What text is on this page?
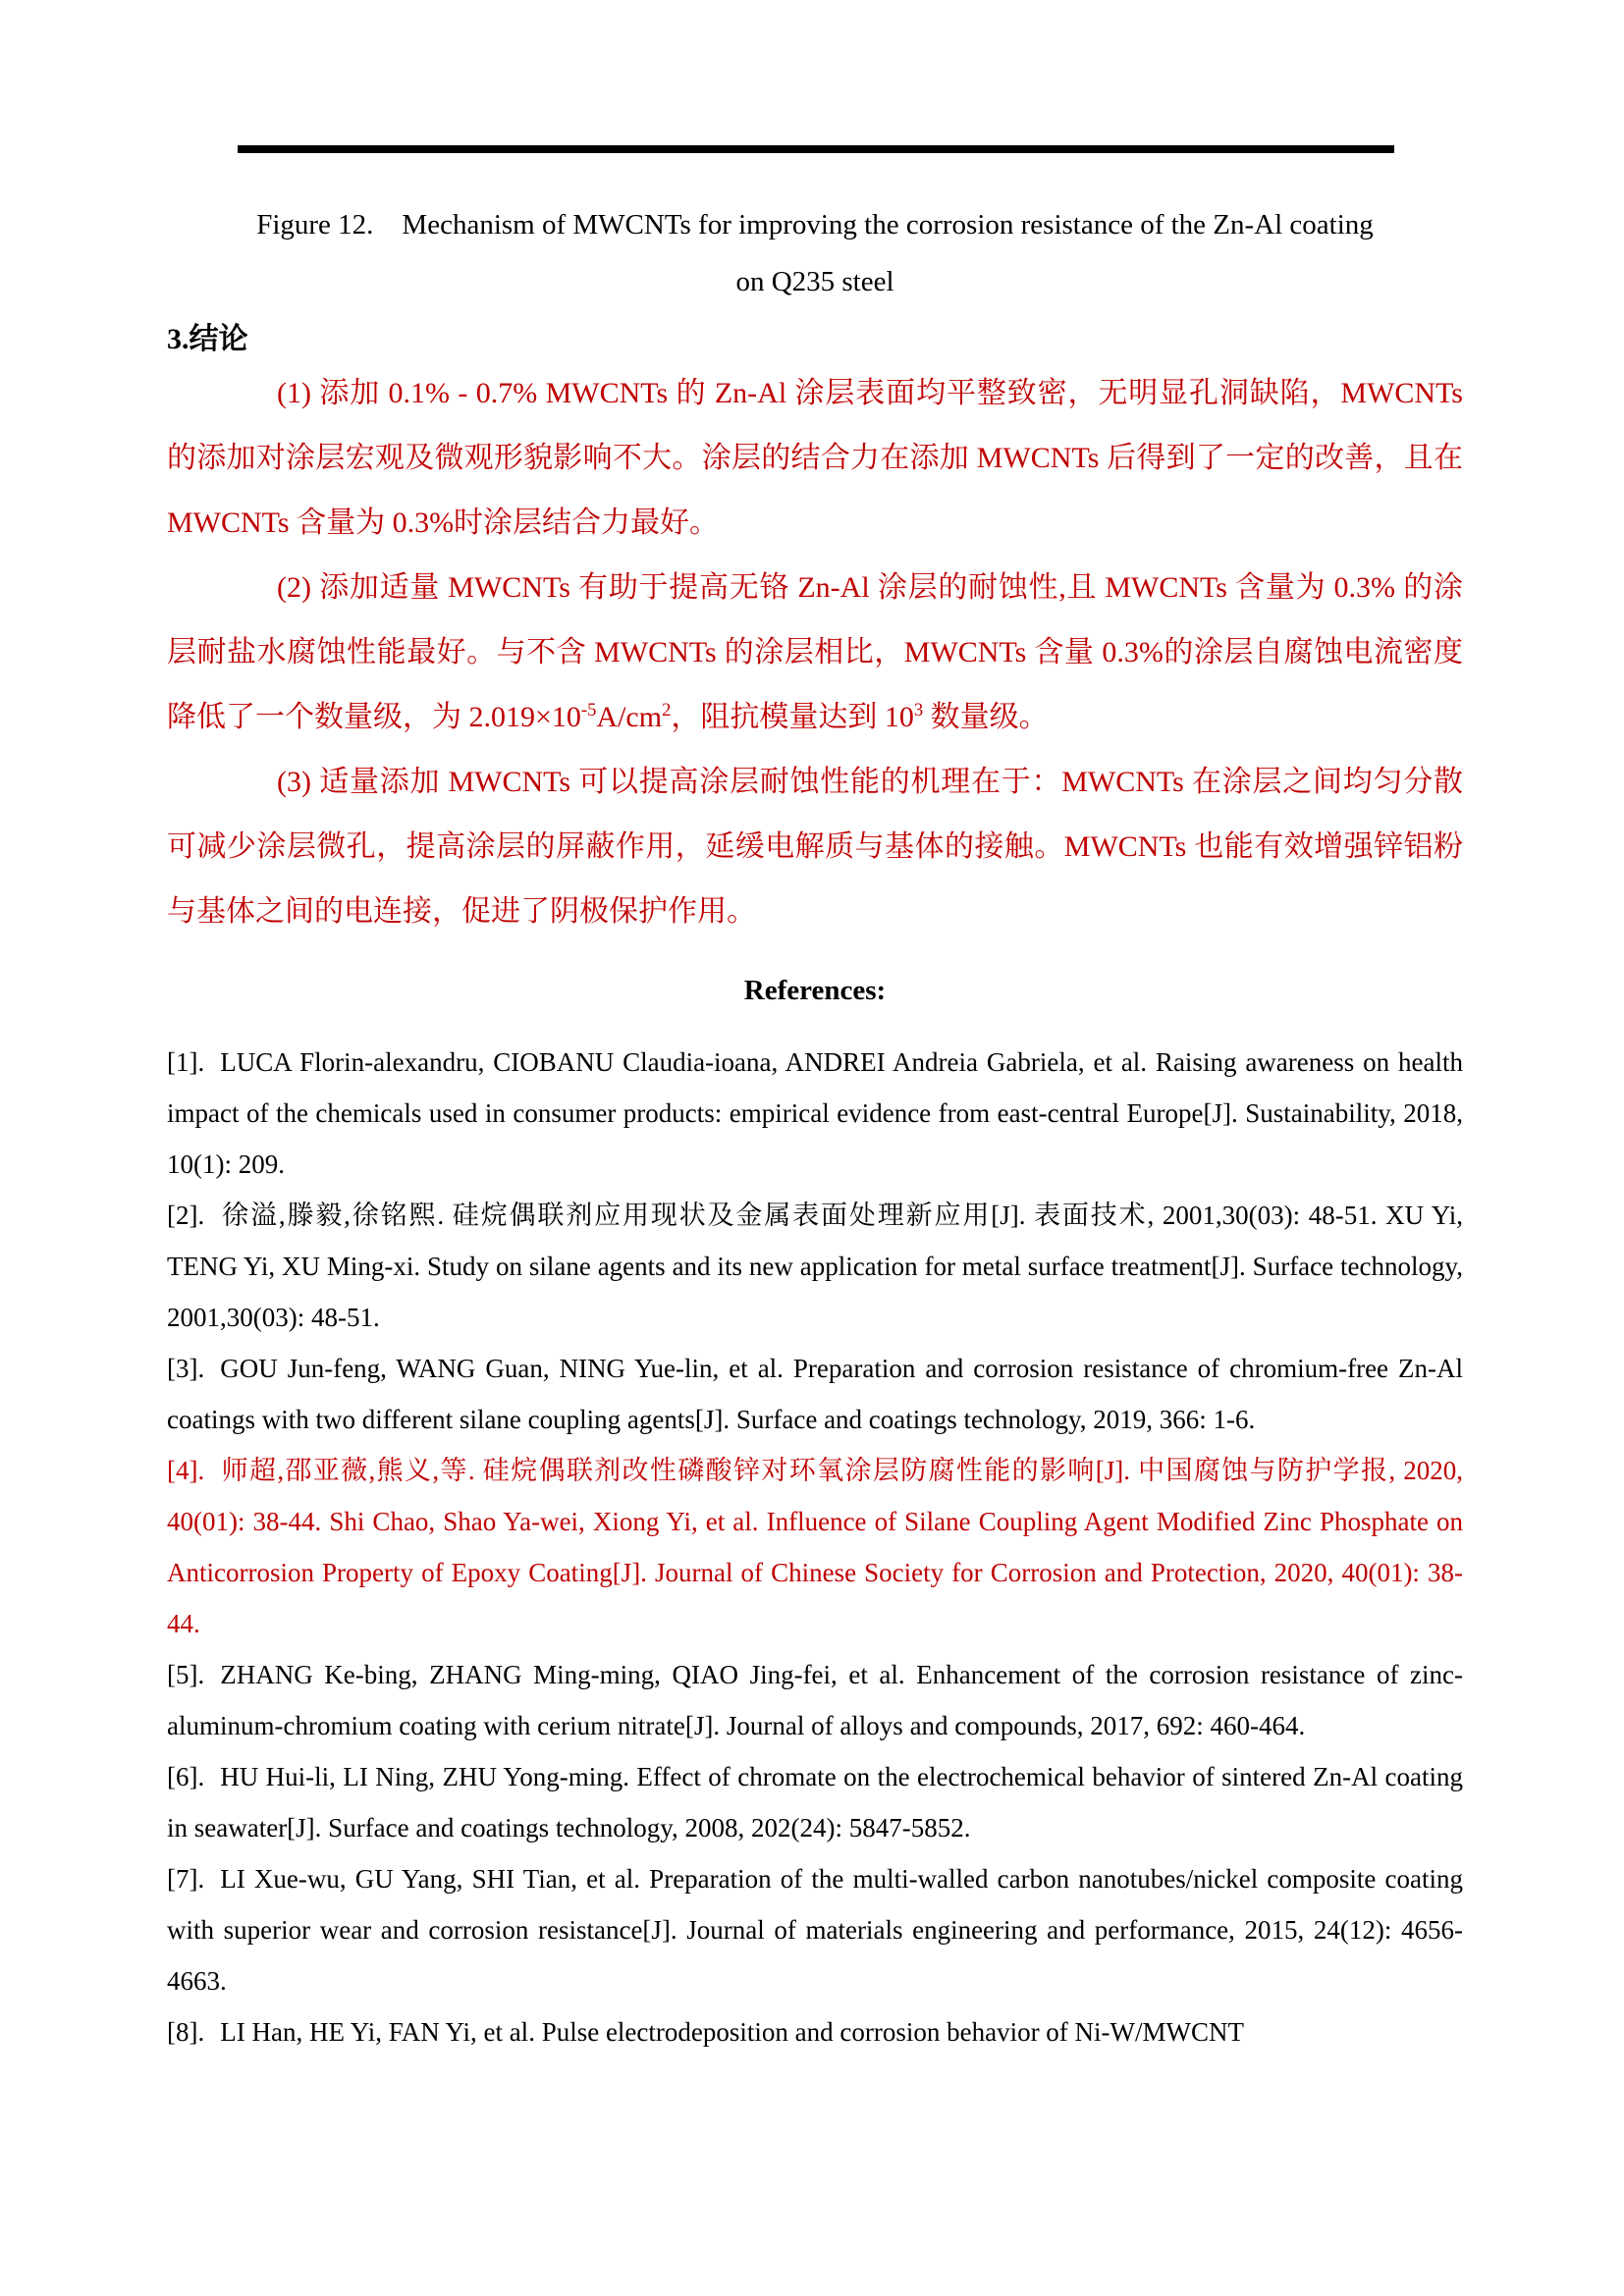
Figure 12. Mechanism of MWCNTs for improving the corrosion resistance of the Zn-Al coating
on Q235 steel
3.结论

(1) 添加 0.1% - 0.7% MWCNTs 的 Zn-Al 涂层表面均平整致密，无明显孔洞缺陷，MWCNTs 的添加对涂层宏观及微观形貌影响不大。涂层的结合力在添加 MWCNTs 后得到了一定的改善，且在 MWCNTs 含量为 0.3%时涂层结合力最好。

(2) 添加适量 MWCNTs 有助于提高无铬 Zn-Al 涂层的耐蚀性,且 MWCNTs 含量为 0.3% 的涂层耐盐水腐蚀性能最好。与不含 MWCNTs 的涂层相比，MWCNTs 含量 0.3%的涂层自腐蚀电流密度降低了一个数量级，为 $2.019\times 10^{-5}A/cm^2$，阻抗模量达到 $10^3$ 数量级。

(3) 适量添加 MWCNTs 可以提高涂层耐蚀性能的机理在于：MWCNTs 在涂层之间均匀分散可减少涂层微孔，提高涂层的屏蔽作用，延缓电解质与基体的接触。MWCNTs 也能有效增强锌铝粉与基体之间的电连接，促进了阴极保护作用。

References:

[1]. LUCA Florin-alexandru, CIOBANU Claudia-ioana, ANDREI Andreia Gabriela, et al. Raising awareness on health impact of the chemicals used in consumer products: empirical evidence from east-central Europe[J]. Sustainability, 2018, 10(1): 209.

[2]. 徐溢,滕毅,徐铭熙. 硅烷偶联剂应用现状及金属表面处理新应用[J]. 表面技术, 2001,30(03): 48-51. XU Yi, TENG Yi, XU Ming-xi. Study on silane agents and its new application for metal surface treatment[J]. Surface technology, 2001,30(03): 48-51.

[3]. GOU Jun-feng, WANG Guan, NING Yue-lin, et al. Preparation and corrosion resistance of chromium-free Zn-Al coatings with two different silane coupling agents[J]. Surface and coatings technology, 2019, 366: 1-6.

[4]. 师超,邵亚薇,熊义,等. 硅烷偶联剂改性磷酸锌对环氧涂层防腐性能的影响[J]. 中国腐蚀与防护学报, 2020, 40(01): 38-44. Shi Chao, Shao Ya-wei, Xiong Yi, et al. Influence of Silane Coupling Agent Modified Zinc Phosphate on Anticorrosion Property of Epoxy Coating[J]. Journal of Chinese Society for Corrosion and Protection, 2020, 40(01): 38-44.

[5]. ZHANG Ke-bing, ZHANG Ming-ming, QIAO Jing-fei, et al. Enhancement of the corrosion resistance of zinc-aluminum-chromium coating with cerium nitrate[J]. Journal of alloys and compounds, 2017, 692: 460-464.

[6]. HU Hui-li, LI Ning, ZHU Yong-ming. Effect of chromate on the electrochemical behavior of sintered Zn-Al coating in seawater[J]. Surface and coatings technology, 2008, 202(24): 5847-5852.

[7]. LI Xue-wu, GU Yang, SHI Tian, et al. Preparation of the multi-walled carbon nanotubes/nickel composite coating with superior wear and corrosion resistance[J]. Journal of materials engineering and performance, 2015, 24(12): 4656-4663.

[8]. LI Han, HE Yi, FAN Yi, et al. Pulse electrodeposition and corrosion behavior of Ni-W/MWCNT
